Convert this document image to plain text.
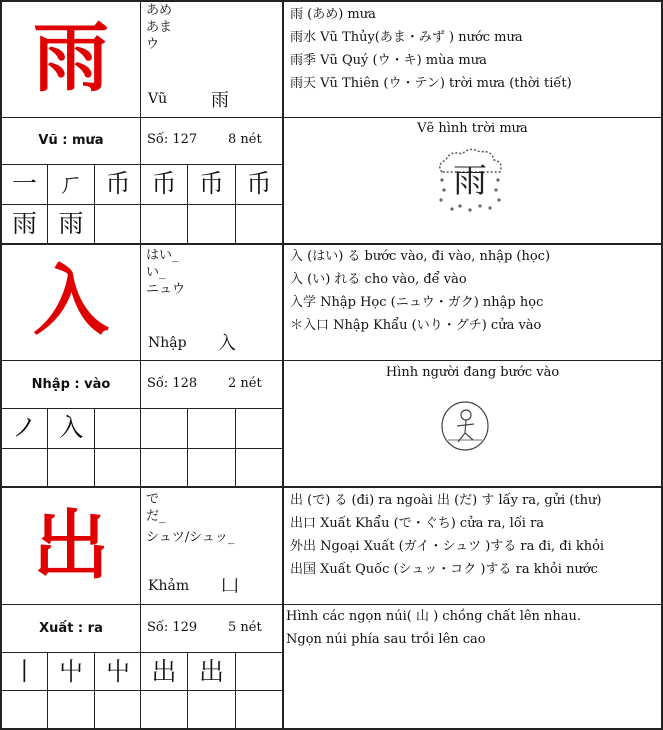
雨
あめ
あま
ウ
Vũ 雨
雨 (あめ) mưa
雨水 Vũ Thủy(あま・みず ) nước mưa
雨季 Vũ Quý (ウ・キ) mùa mưa
雨天 Vũ Thiên (ウ・テン) trời mưa (thời tiết)
Vũ : mưa	Số: 127 8 nét
Vẽ hình trời mưa
雨
一 ㄏ 币 币 币 币
雨 雨
入
はい_
い_
ニュウ
Nhập 入
入 (はい) る bước vào, đi vào, nhập (học)
入 (い) れる cho vào, để vào
入学 Nhập Học (ニュウ・ガク) nhập học
＊入口 Nhập Khẩu (いり・グチ) cửa vào
Nhập : vào	Số: 128 2 nét
Hình người đang bước vào
ノ 入
出
で
だ_
シュツ/シュッ_
Khảm 凵
出 (で) る (đi) ra ngoài 出 (だ) す lấy ra, gửi (thư)
出口 Xuất Khẩu (で・ぐち) cửa ra, lối ra
外出 Ngoại Xuất (ガイ・シュツ )する ra đi, đi khỏi
出国 Xuất Quốc (シュッ・コク )する ra khỏi nước
Xuất : ra	Số: 129 5 nét
Hình các ngọn núi( 山 ) chồng chất lên nhau.
Ngọn núi phía sau trồi lên cao
丨 屮 屮 出 出
